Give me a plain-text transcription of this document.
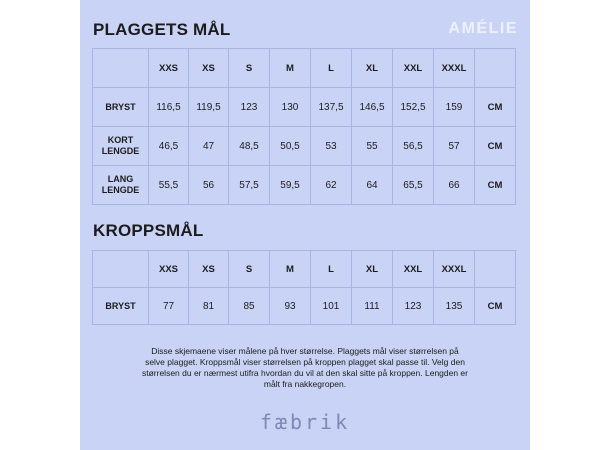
PLAGGETS MÅL	AMÉLIE
	XXS	XS	S	M	L	XL	XXL	XXXL	

BRYST	116,5	119,5	123	130	137,5	146,5	152,5	159	CM

KORT
LENGDE	46,5	47	48,5	50,5	53	55	56,5	57	CM

LANG
LENGDE	55,5	56	57,5	59,5	62	64	65,5	66	CM
KROPPSMÅL
	XXS	XS	S	M	L	XL	XXL	XXXL	

BRYST	77	81	85	93	101	111	123	135	CM
Disse skjemaene viser målene på hver størrelse. Plaggets mål viser størrelsen på
selve plagget. Kroppsmål viser størrelsen på kroppen plagget skal passe til. Velg den
størrelsen du er nærmest utifra hvordan du vil at den skal sitte på kroppen. Lengden er
målt fra nakkegropen.
fæbrik
